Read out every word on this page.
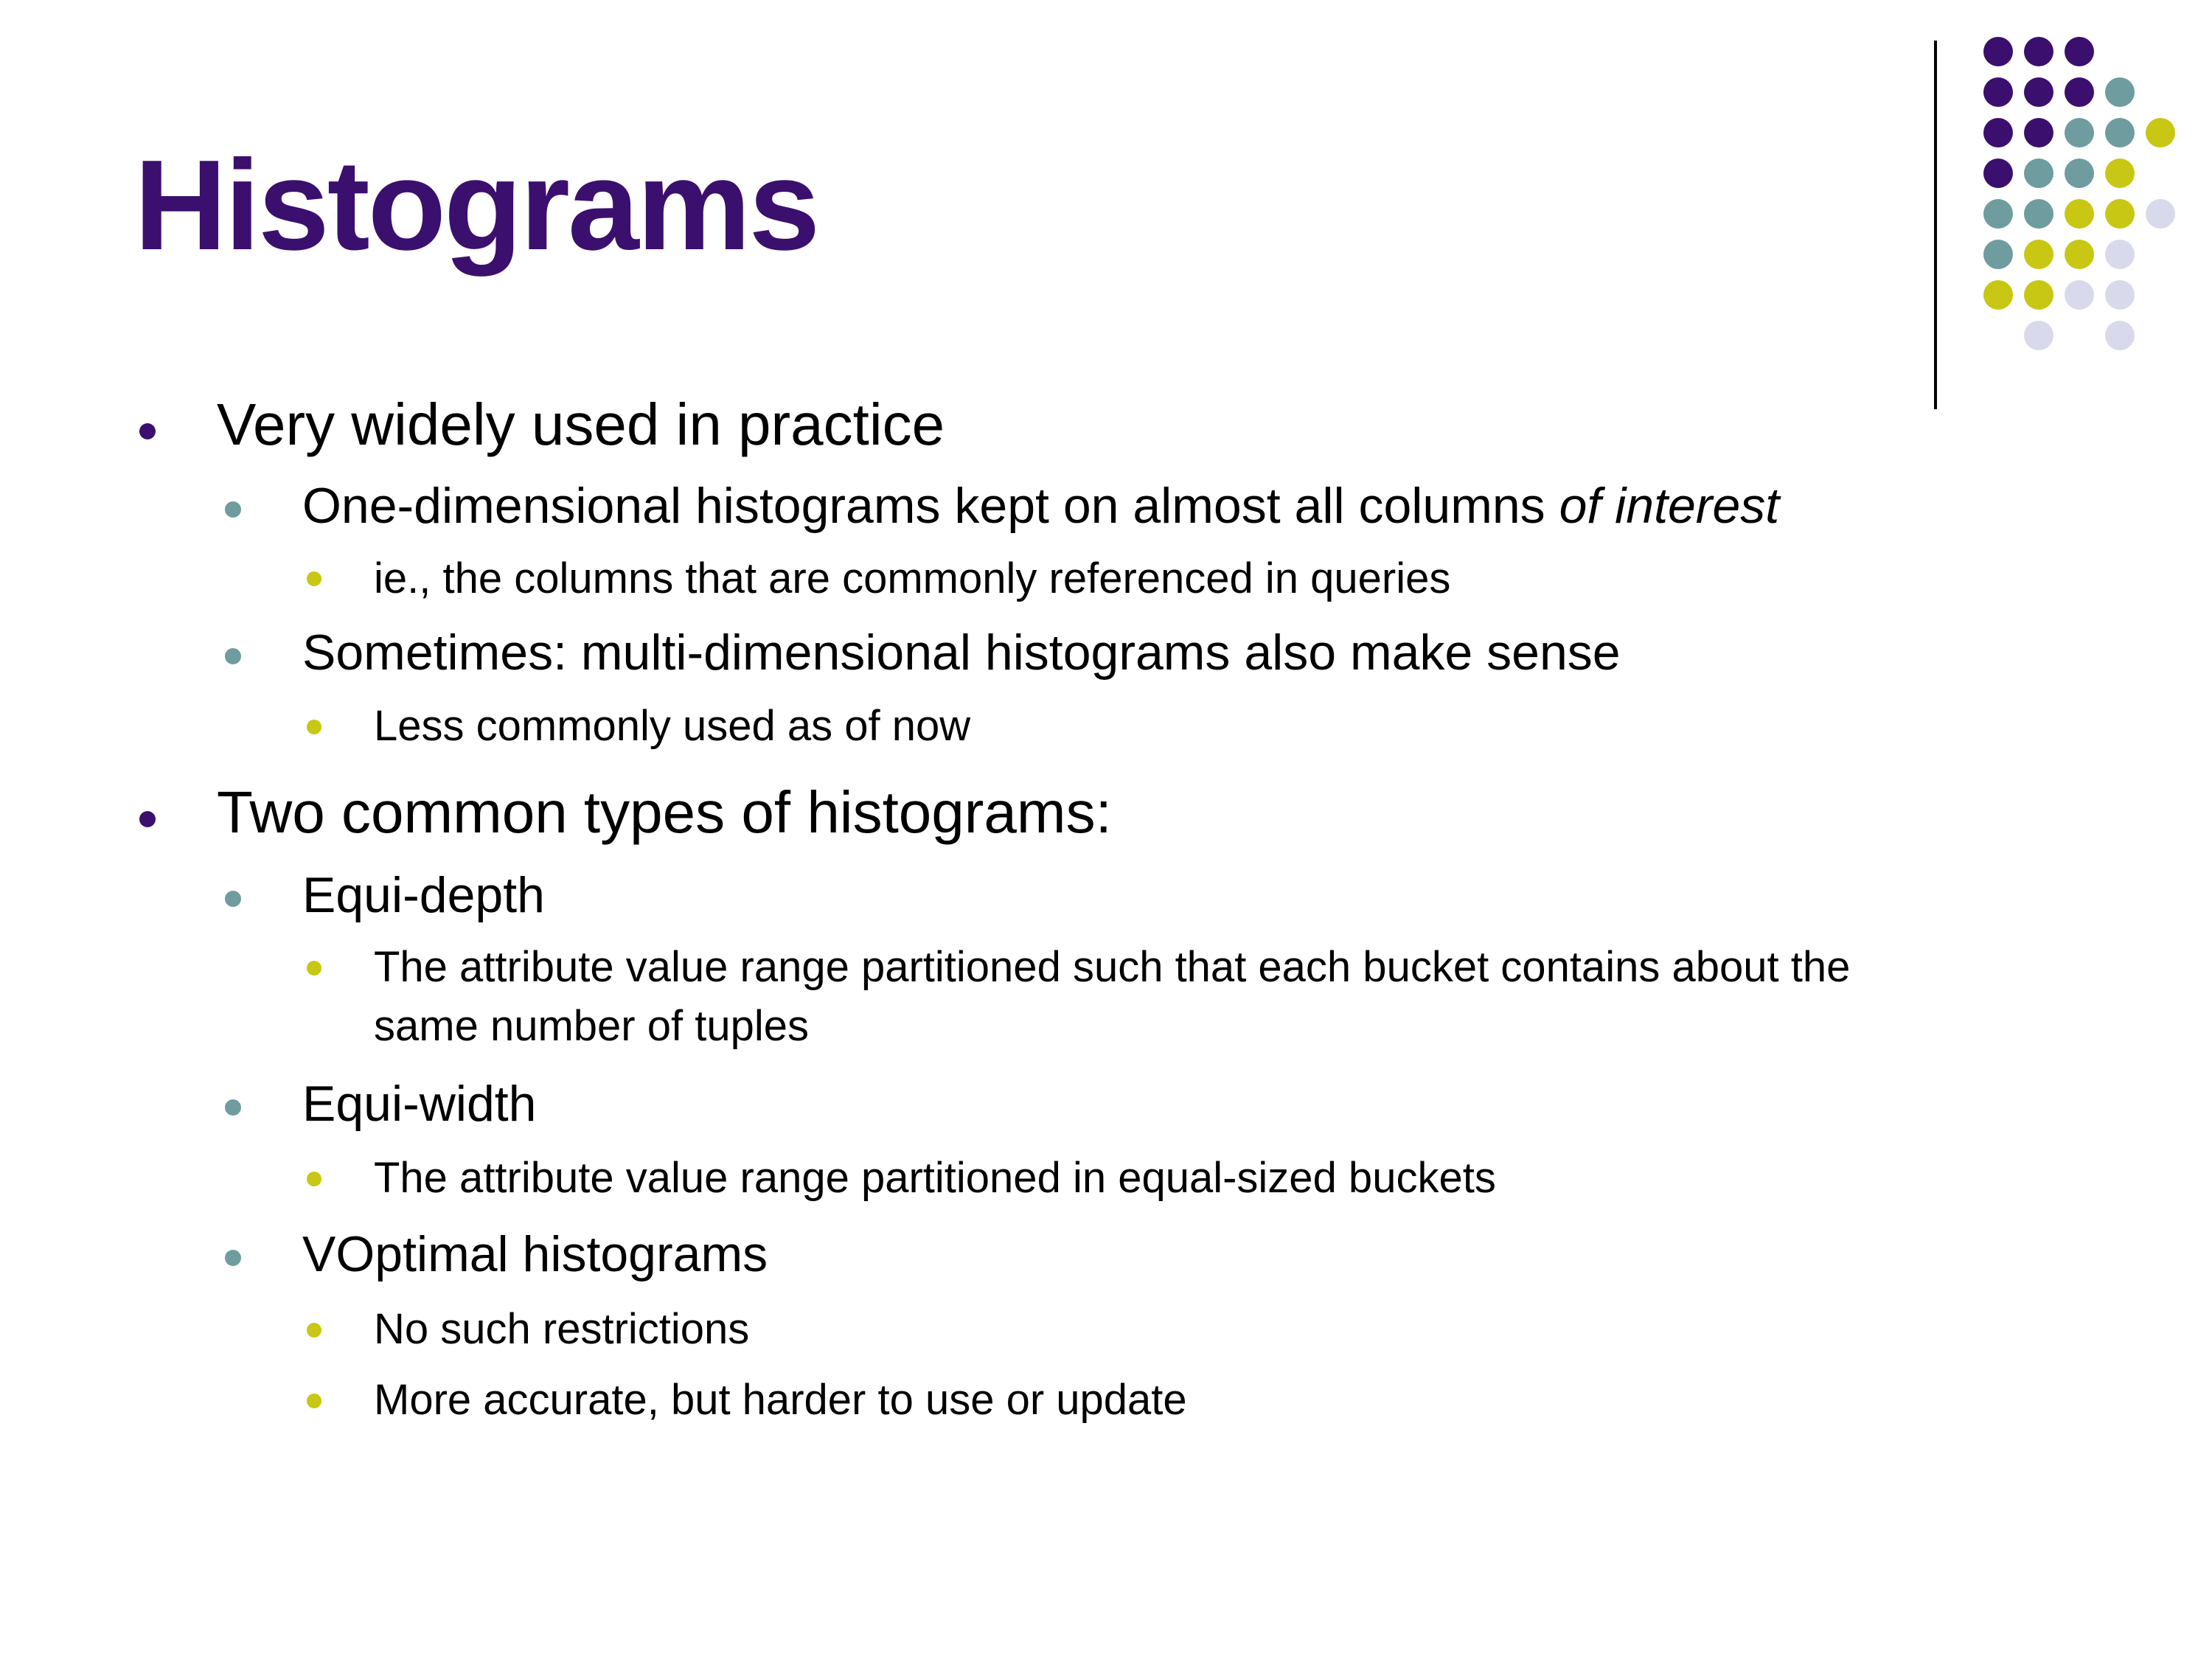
Histograms
Very widely used in practice
One-dimensional histograms kept on almost all columns of interest
ie., the columns that are commonly referenced in queries
Sometimes: multi-dimensional histograms also make sense
Less commonly used as of now
Two common types of histograms:
Equi-depth
The attribute value range partitioned such that each bucket contains about the
same number of tuples
Equi-width
The attribute value range partitioned in equal-sized buckets
VOptimal histograms
No such restrictions
More accurate, but harder to use or update
